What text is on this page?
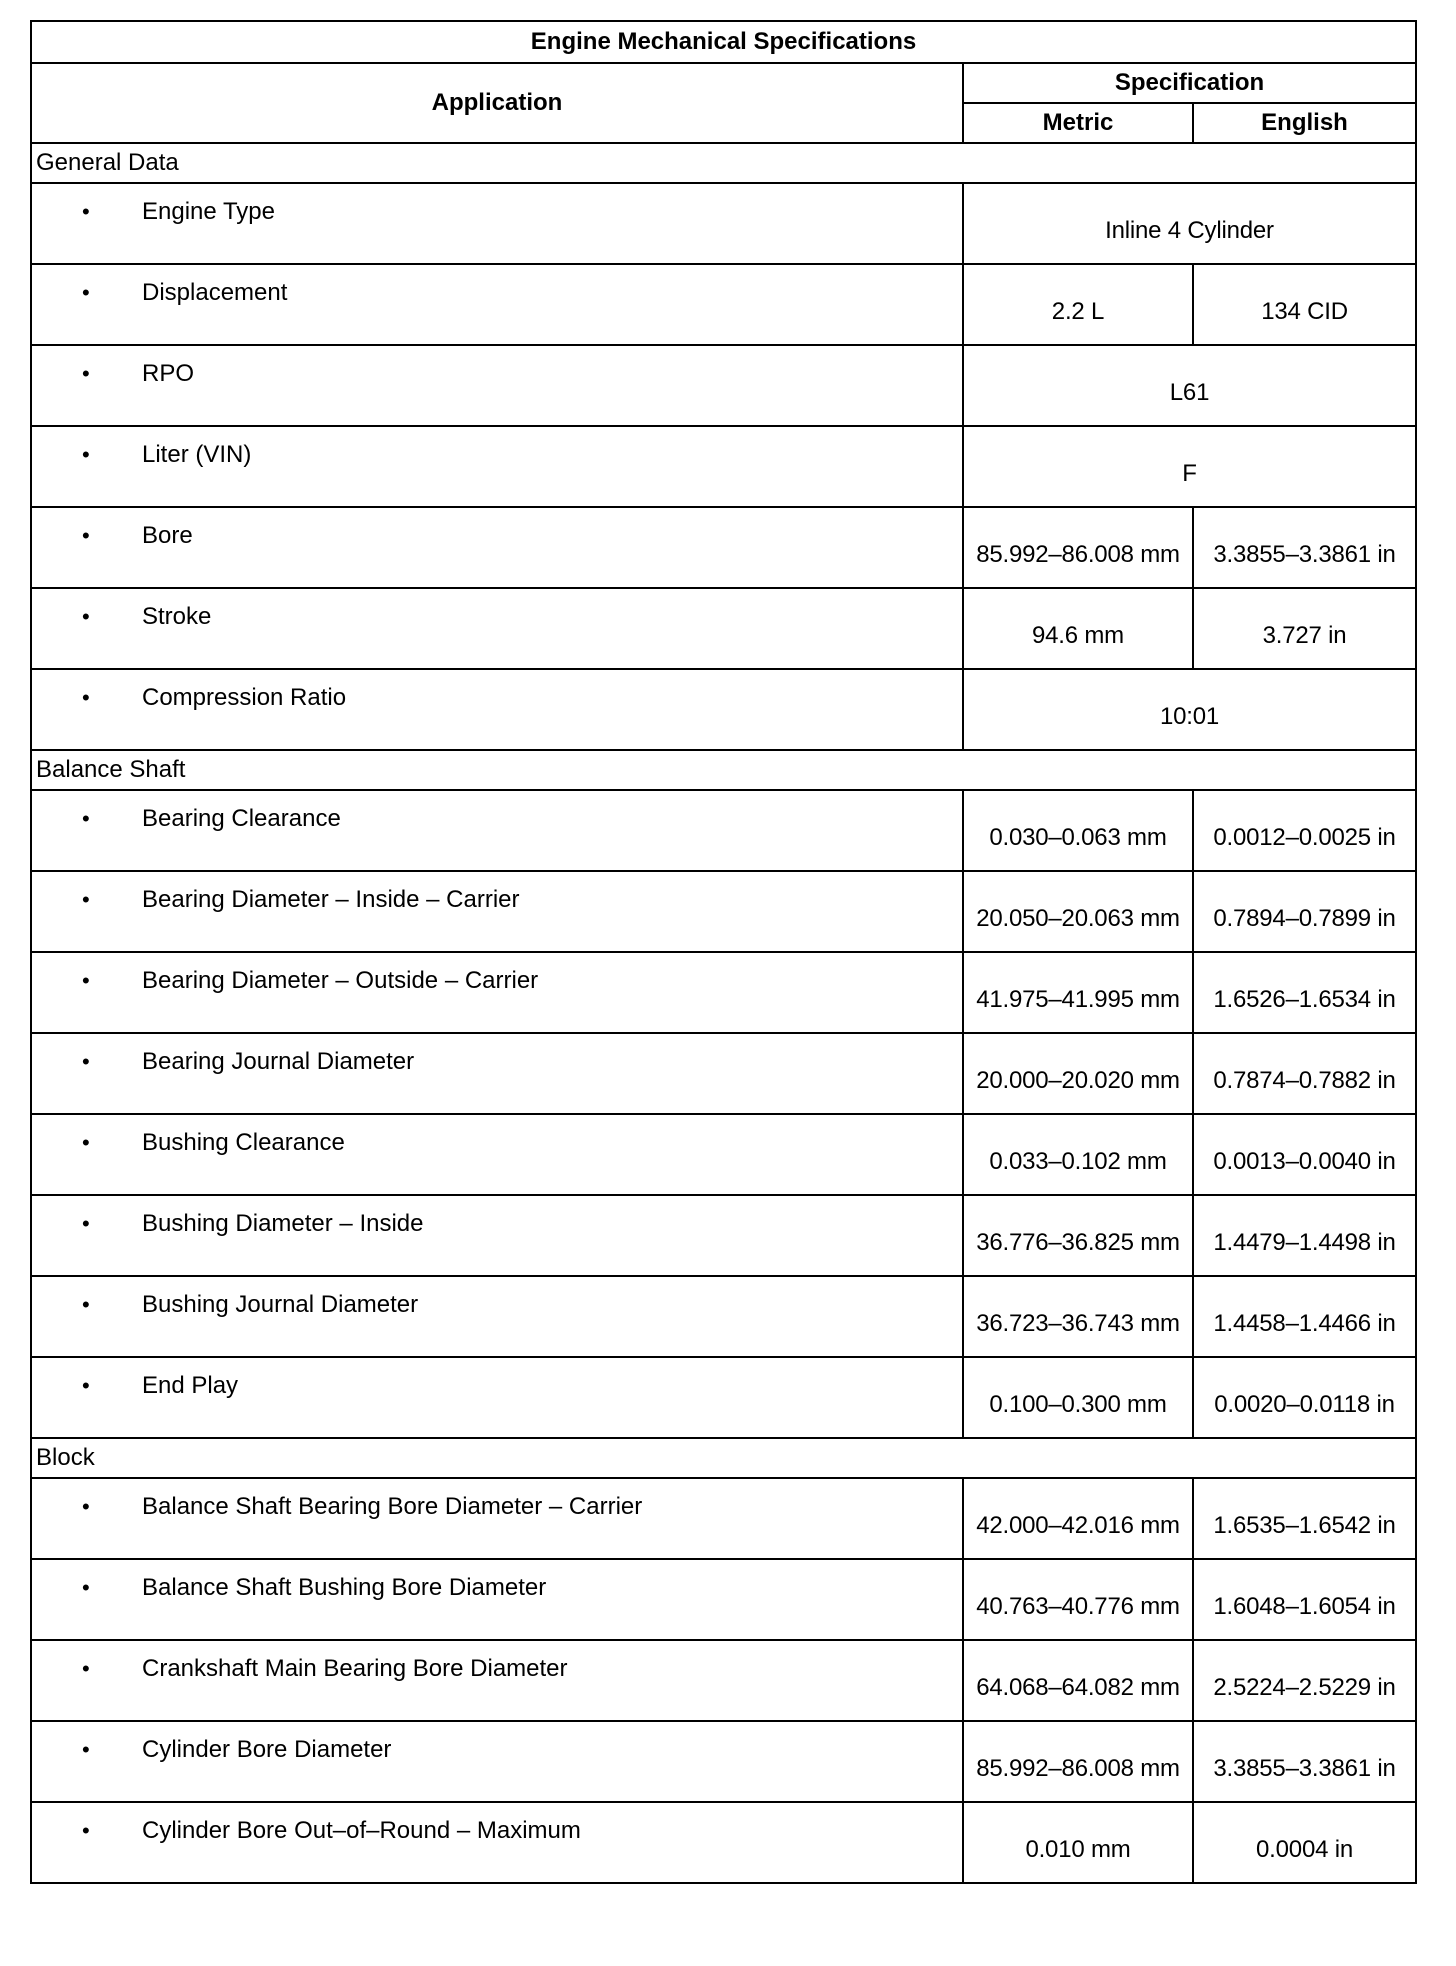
Engine Mechanical Specifications		
Application	Specification	
	Metric	English
General Data		

• Engine Type	Inline 4 Cylinder	

• Displacement	2.2 L	134 CID

• RPO	L61	

• Liter (VIN)	F	

• Bore	85.992–86.008 mm	3.3855–3.3861 in

• Stroke	94.6 mm	3.727 in

• Compression Ratio	10:01	
Balance Shaft		

• Bearing Clearance	0.030–0.063 mm	0.0012–0.0025 in

• Bearing Diameter – Inside – Carrier	20.050–20.063 mm	0.7894–0.7899 in

• Bearing Diameter – Outside – Carrier	41.975–41.995 mm	1.6526–1.6534 in

• Bearing Journal Diameter	20.000–20.020 mm	0.7874–0.7882 in

• Bushing Clearance	0.033–0.102 mm	0.0013–0.0040 in

• Bushing Diameter – Inside	36.776–36.825 mm	1.4479–1.4498 in

• Bushing Journal Diameter	36.723–36.743 mm	1.4458–1.4466 in

• End Play	0.100–0.300 mm	0.0020–0.0118 in
Block		

• Balance Shaft Bearing Bore Diameter – Carrier	42.000–42.016 mm	1.6535–1.6542 in

• Balance Shaft Bushing Bore Diameter	40.763–40.776 mm	1.6048–1.6054 in

• Crankshaft Main Bearing Bore Diameter	64.068–64.082 mm	2.5224–2.5229 in

• Cylinder Bore Diameter	85.992–86.008 mm	3.3855–3.3861 in

• Cylinder Bore Out–of–Round – Maximum	0.010 mm	0.0004 in
